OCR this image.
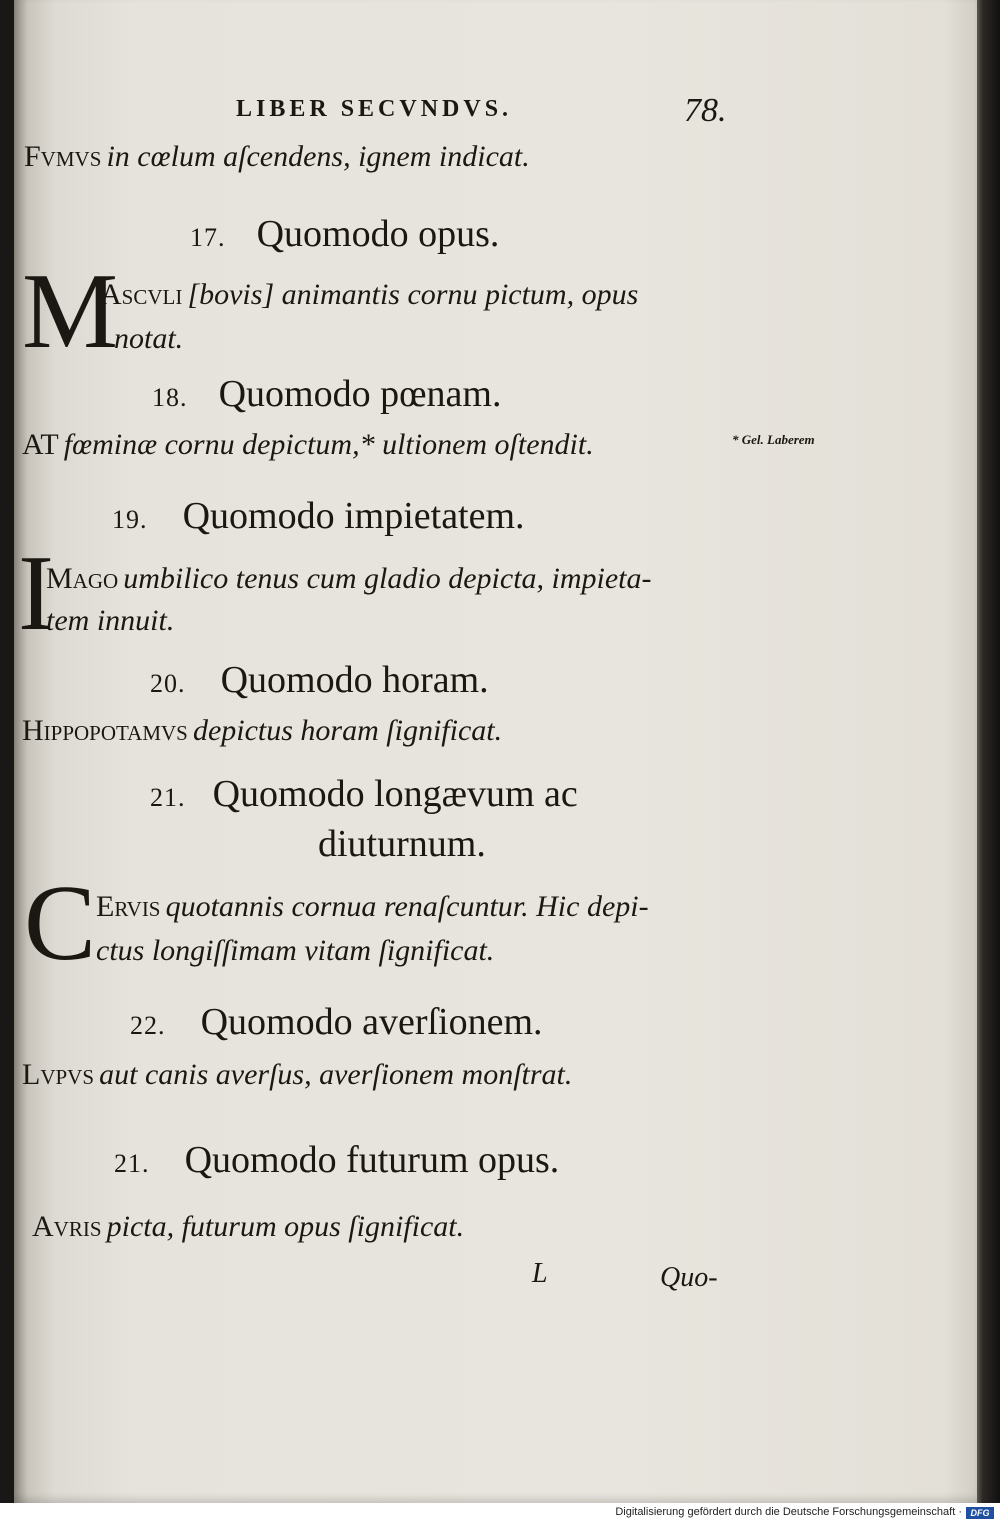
LIBER SECVNDVS.	78.
Fvmvs in cœlum aſcendens, ignem indicat.
17. Quomodo opus.
M
Ascvli [bovis] animantis cornu pictum, opus
notat.
18. Quomodo pœnam.
AT fœminæ cornu depictum,* ultionem oſtendit.	* Gel. Laberem
19. Quomodo impietatem.
I
Mago umbilico tenus cum gladio depicta, impieta-
tem innuit.
20. Quomodo horam.
Hippopotamvs depictus horam ſignificat.
21. Quomodo longævum ac
diuturnum.
C Ervis quotannis cornua renaſcuntur. Hic depi-
ctus longiſſimam vitam ſignificat.
22. Quomodo averſionem.
Lvpvs aut canis averſus, averſionem monſtrat.
21. Quomodo futurum opus.
Avris picta, futurum opus ſignificat.
L	Quo-
Digitalisierung gefördert durch die Deutsche Forschungsgemeinschaft · DFG
